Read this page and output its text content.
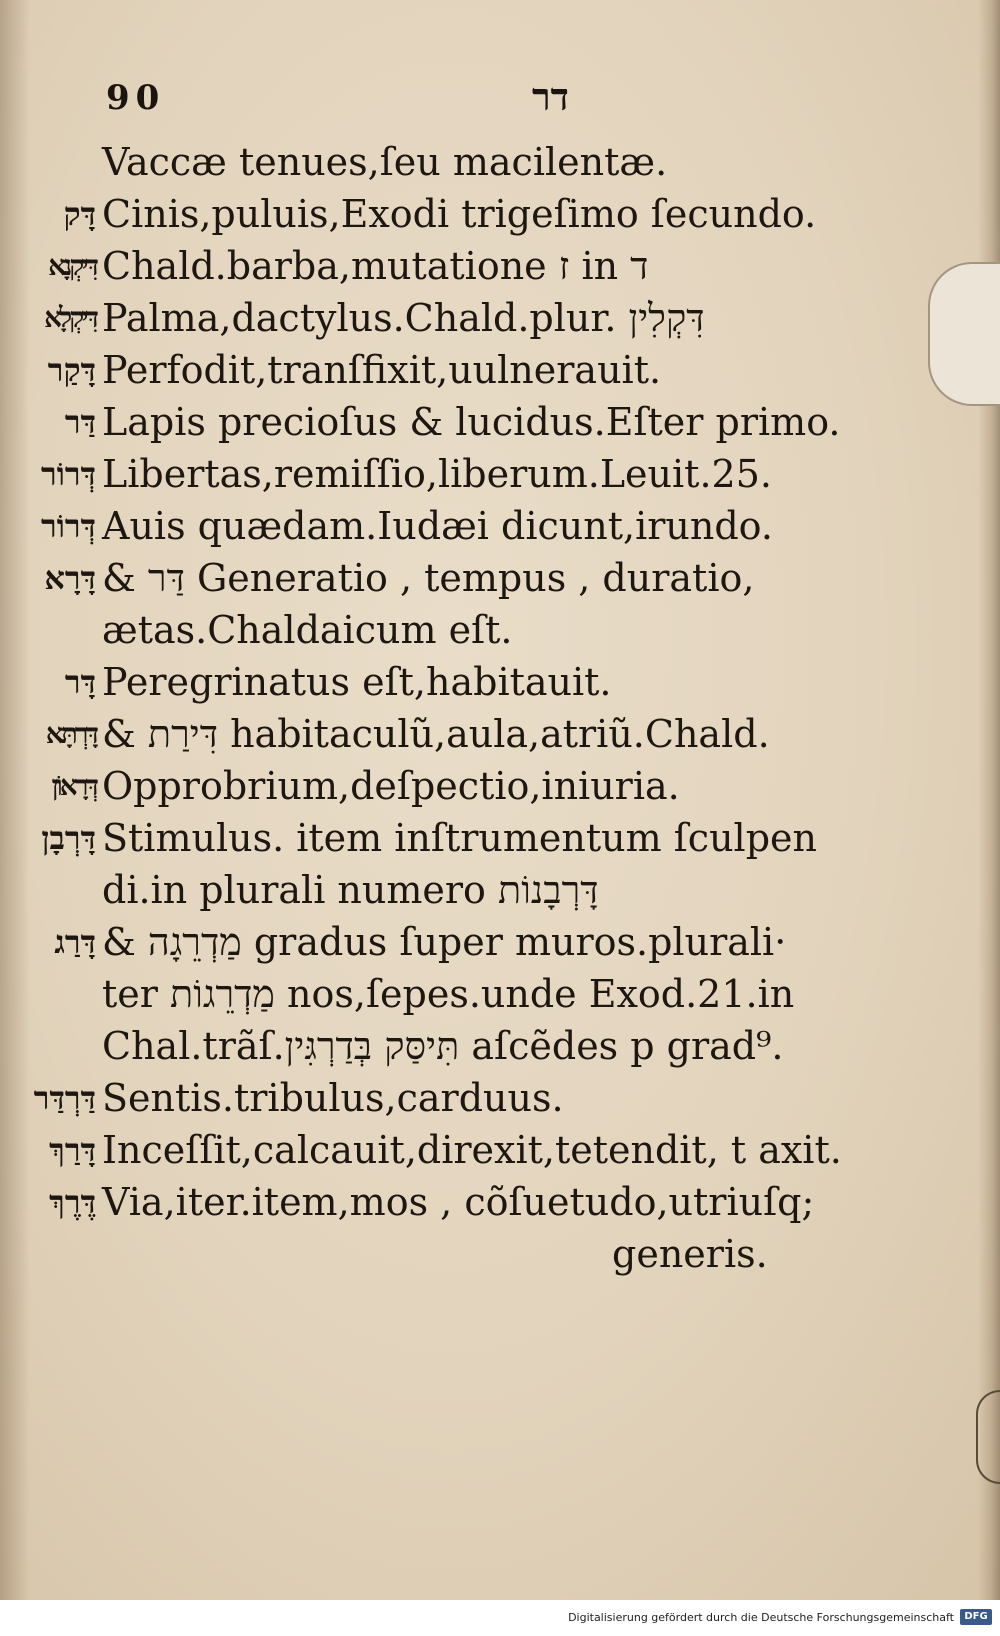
90	דר
Vaccæ tenues,ſeu macilentæ.
דָּק Cinis,puluis,Exodi trigeſimo ſecundo.
דִּיקְנָא Chald.barba,mutatione ז in ד
דִּיקְלָא Palma,dactylus.Chald.plur. דִּקְלִין
דָּקַר Perfodit,tranſfixit,uulnerauit.
דַּר Lapis precioſus & lucidus.Eſter primo.
דְּרוֹר Libertas,remiſſio,liberum.Leuit.25.
דְּרוֹר Auis quædam.Iudæi dicunt,irundo.
דָּרָא & דַּר Generatio , tempus , duratio,
ætas.Chaldaicum eſt.
דָּר Peregrinatus eſt,habitauit.
דָּרְתָּא & דִּירַת habitaculũ,aula,atriũ.Chald.
דְּרָאוֹן Opprobrium,deſpectio,iniuria.
דָּרְבָן Stimulus. item inſtrumentum ſculpen
di.in plurali numero דָּרְבָנוֹת
דָּרַג & מַדְרֵגָה gradus ſuper muros.plurali·
ter מַדְרֵגוֹת nos,ſepes.unde Exod.21.in
Chal.trãſ.תִּיסַּק בְּדַרְגִּין aſcẽdes p grad⁹.
דַּרְדַּר Sentis.tribulus,carduus.
דָּרַךְ Inceſſit,calcauit,direxit,tetendit, t axit.
דֶּרֶךְ Via,iter.item,mos , cõſuetudo,utriuſq;
generis.
Digitalisierung gefördert durch die Deutsche Forschungsgemeinschaft	DFG
